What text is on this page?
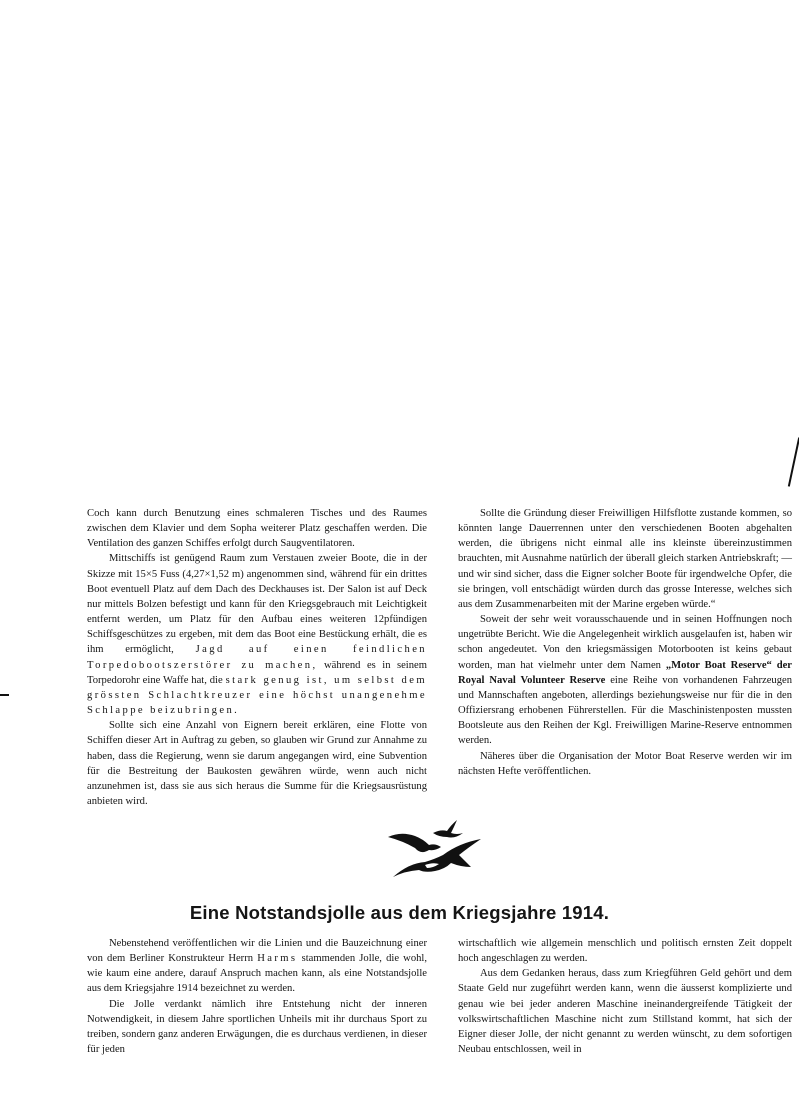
Coch kann durch Benutzung eines schmaleren Tisches und des Raumes zwischen dem Klavier und dem Sopha weiterer Platz geschaffen werden. Die Ventilation des ganzen Schiffes erfolgt durch Saugventilatoren.

Mittschiffs ist genügend Raum zum Verstauen zweier Boote, die in der Skizze mit 15×5 Fuss (4,27×1,52 m) angenommen sind, während für ein drittes Boot eventuell Platz auf dem Dach des Deckhauses ist. Der Salon ist auf Deck nur mittels Bolzen befestigt und kann für den Kriegsgebrauch mit Leichtigkeit entfernt werden, um Platz für den Aufbau eines weiteren 12pfündigen Schiffsgeschützes zu ergeben, mit dem das Boot eine Bestückung erhält, die es ihm ermöglicht, Jagd auf einen feindlichen Torpedobootszerstörer zu machen, während es in seinem Torpedorohr eine Waffe hat, die stark genug ist, um selbst dem grössten Schlachtkreuzer eine höchst unangenehme Schlappe beizubringen.

Sollte sich eine Anzahl von Eignern bereit erklären, eine Flotte von Schiffen dieser Art in Auftrag zu geben, so glauben wir Grund zur Annahme zu haben, dass die Regierung, wenn sie darum angegangen wird, eine Subvention für die Bestreitung der Baukosten gewähren würde, wenn auch nicht anzunehmen ist, dass sie aus sich heraus die Summe für die Kriegsausrüstung anbieten wird.

Sollte die Gründung dieser Freiwilligen Hilfsflotte zustande kommen, so könnten lange Dauerrennen unter den verschiedenen Booten abgehalten werden, die übrigens nicht einmal alle ins kleinste übereinzustimmen brauchten, mit Ausnahme natürlich der überall gleich starken Antriebskraft; — und wir sind sicher, dass die Eigner solcher Boote für irgendwelche Opfer, die sie bringen, voll entschädigt würden durch das grosse Interesse, welches sich aus dem Zusammenarbeiten mit der Marine ergeben würde.“

Soweit der sehr weit vorausschauende und in seinen Hoffnungen noch ungetrübte Bericht. Wie die Angelegenheit wirklich ausgelaufen ist, haben wir schon angedeutet. Von den kriegsmässigen Motorbooten ist keins gebaut worden, man hat vielmehr unter dem Namen „Motor Boat Reserve“ der Royal Naval Volunteer Reserve eine Reihe von vorhandenen Fahrzeugen und Mannschaften angeboten, allerdings beziehungsweise nur für die in den Offiziersrang erhobenen Führerstellen. Für die Maschinistenposten mussten Bootsleute aus den Reihen der Kgl. Freiwilligen Marine-Reserve entnommen werden.

Näheres über die Organisation der Motor Boat Reserve werden wir im nächsten Hefte veröffentlichen.

Eine Notstandsjolle aus dem Kriegsjahre 1914.

Nebenstehend veröffentlichen wir die Linien und die Bauzeichnung einer von dem Berliner Konstrukteur Herrn Harms stammenden Jolle, die wohl, wie kaum eine andere, darauf Anspruch machen kann, als eine Notstandsjolle aus dem Kriegsjahre 1914 bezeichnet zu werden.

Die Jolle verdankt nämlich ihre Entstehung nicht der inneren Notwendigkeit, in diesem Jahre sportlichen Unheils mit ihr durchaus Sport zu treiben, sondern ganz anderen Erwägungen, die es durchaus verdienen, in dieser für jeden

wirtschaftlich wie allgemein menschlich und politisch ernsten Zeit doppelt hoch angeschlagen zu werden.

Aus dem Gedanken heraus, dass zum Kriegführen Geld gehört und dem Staate Geld nur zugeführt werden kann, wenn die äusserst komplizierte und genau wie bei jeder anderen Maschine ineinandergreifende Tätigkeit der volkswirtschaftlichen Maschine nicht zum Stillstand kommt, hat sich der Eigner dieser Jolle, der nicht genannt zu werden wünscht, zu dem sofortigen Neubau entschlossen, weil in
